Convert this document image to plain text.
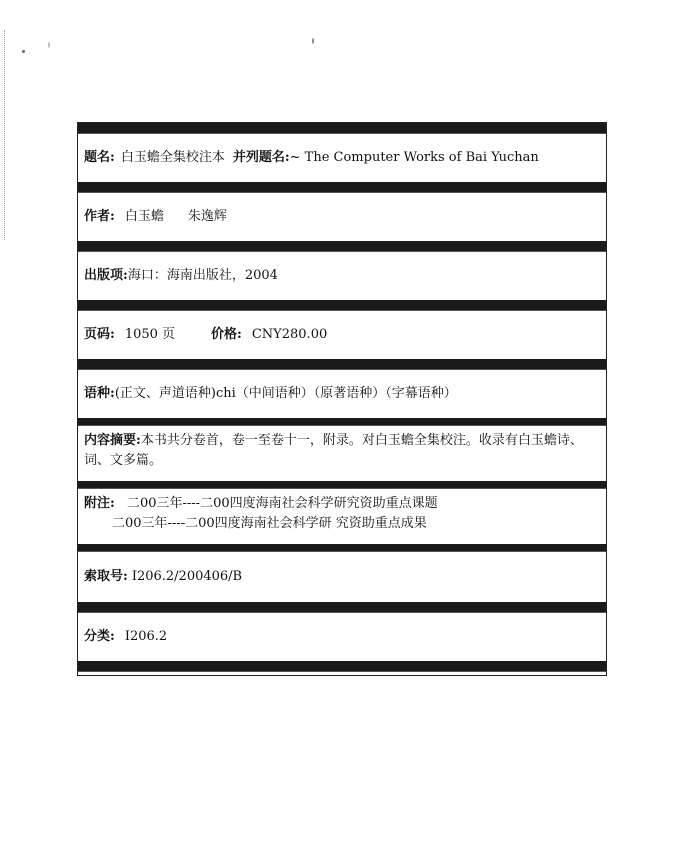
题名: 白玉蟾全集校注本 并列题名: ~ The Computer Works of Bai Yuchan
作者: 白玉蟾 朱逸辉
出版项: 海口：海南出版社，2004
页码: 1050 页	价格: CNY280.00
语种: (正文、声道语种)chi（中间语种）（原著语种）（字幕语种）
内容摘要:本书共分卷首，卷一至卷十一，附录。对白玉蟾全集校注。收录有白玉蟾诗、词、文多篇。
附注: 二00三年----二00四度海南社会科学研究资助重点课题
二00三年----二00四度海南社会科学研 究资助重点成果
索取号: I206.2/200406/B
分类: I206.2
